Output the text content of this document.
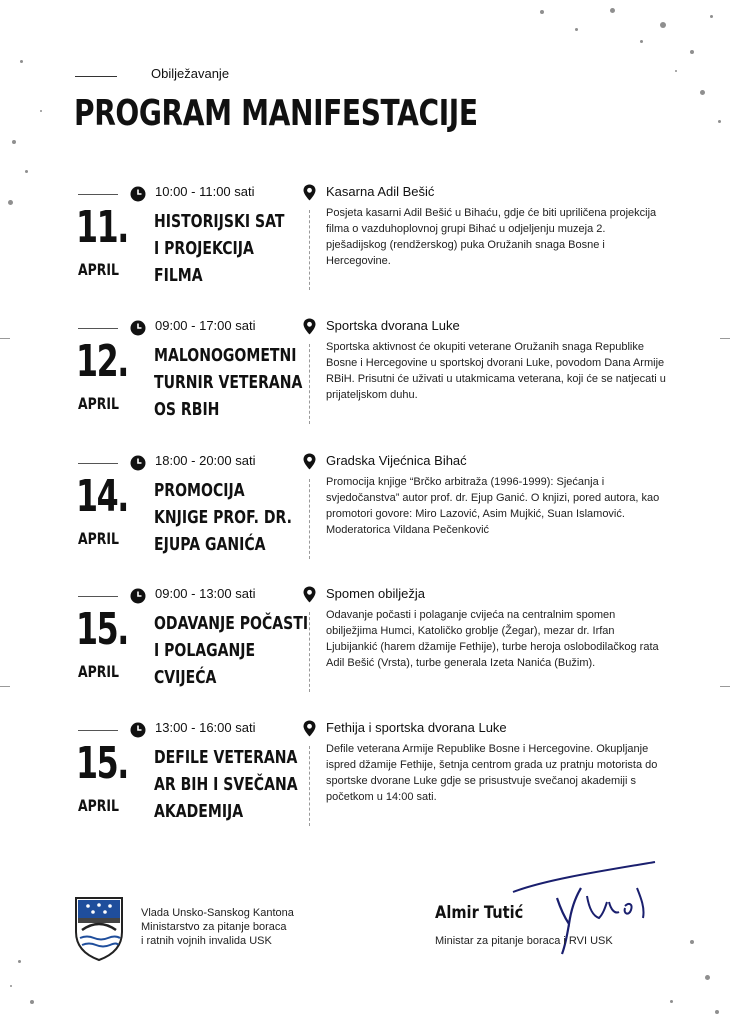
Obilježavanje
PROGRAM MANIFESTACIJE
10:00 - 11:00 sati	Kasarna Adil Bešić
11.
APRIL
HISTORIJSKI SAT
I PROJEKCIJA
FILMA
Posjeta kasarni Adil Bešić u Bihaću, gdje će biti upriličena projekcija filma o vazduhoplovnoj grupi Bihać u odjeljenju muzeja 2. pješadijskog (rendžerskog) puka Oružanih snaga Bosne i Hercegovine.
09:00 - 17:00 sati	Sportska dvorana Luke
12.
APRIL
MALONOGOMETNI
TURNIR VETERANA
OS RBIH
Sportska aktivnost će okupiti veterane Oružanih snaga Republike Bosne i Hercegovine u sportskoj dvorani Luke, povodom Dana Armije RBiH. Prisutni će uživati u utakmicama veterana, koji će se natjecati u prijateljskom duhu.
18:00 - 20:00 sati	Gradska Vijećnica Bihać
14.
APRIL
PROMOCIJA
KNJIGE PROF. DR.
EJUPA GANIĆA
Promocija knjige “Brčko arbitraža (1996-1999): Sjećanja i svjedočanstva” autor prof. dr. Ejup Ganić. O knjizi, pored autora, kao promotori govore: Miro Lazović, Asim Mujkić, Suan Islamović. Moderatorica Vildana Pečenković
09:00 - 13:00 sati	Spomen obilježja
15.
APRIL
ODAVANJE POČASTI
I POLAGANJE
CVIJEĆA
Odavanje počasti i polaganje cvijeća na centralnim spomen obilježjima Humci, Katoličko groblje (Žegar), mezar dr. Irfan Ljubijankić (harem džamije Fethije), turbe heroja oslobodilačkog rata Adil Bešić (Vrsta), turbe generala Izeta Nanića (Bužim).
13:00 - 16:00 sati	Fethija i sportska dvorana Luke
15.
APRIL
DEFILE VETERANA
AR BIH I SVEČANA
AKADEMIJA
Defile veterana Armije Republike Bosne i Hercegovine. Okupljanje ispred džamije Fethije, šetnja centrom grada uz pratnju motorista do sportske dvorane Luke gdje se prisustvuje svečanoj akademiji s početkom u 14:00 sati.
Vlada Unsko-Sanskog Kantona
Ministarstvo za pitanje boraca
i ratnih vojnih invalida USK
Almir Tutić
Ministar za pitanje boraca i RVI USK
